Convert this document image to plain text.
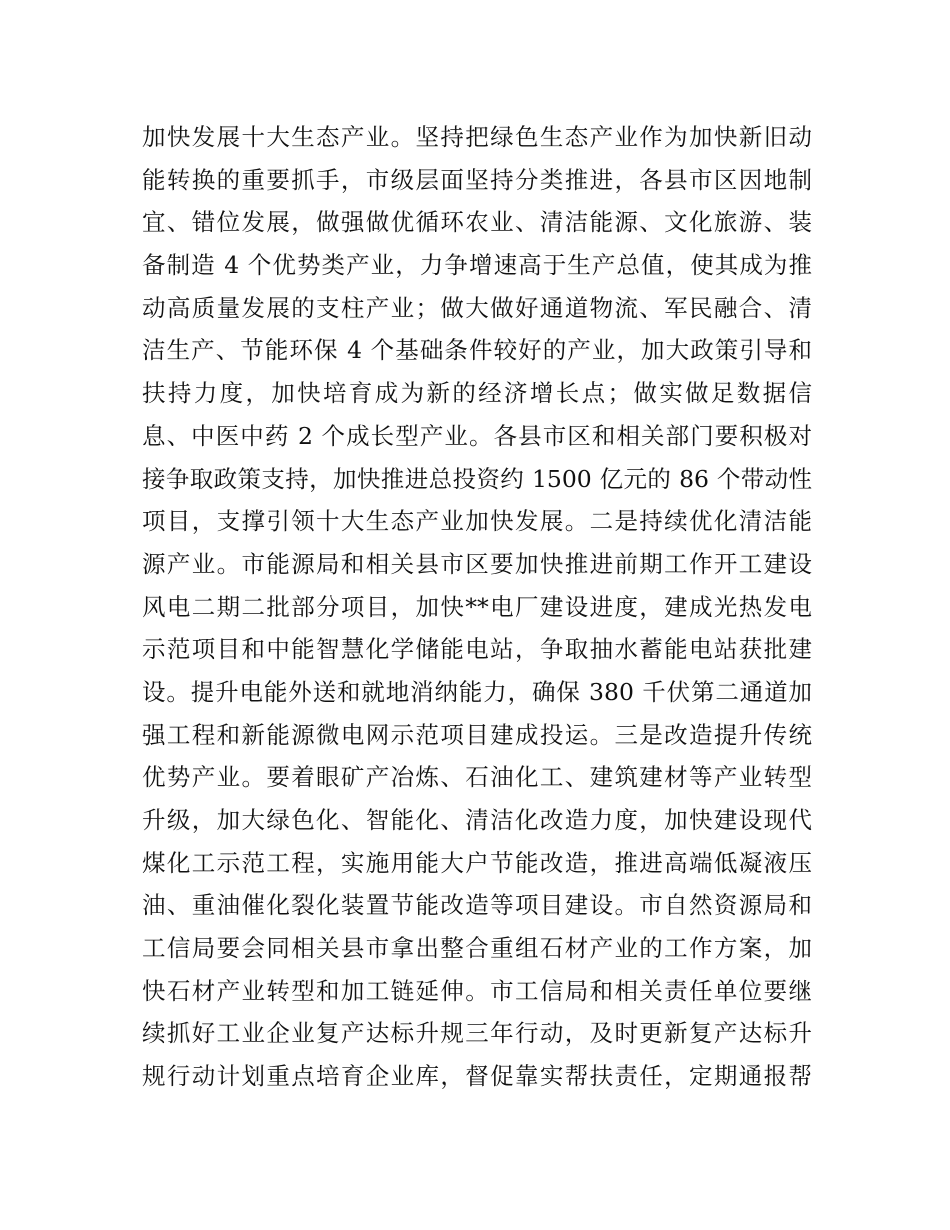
加快发展十大生态产业。坚持把绿色生态产业作为加快新旧动
能转换的重要抓手，市级层面坚持分类推进，各县市区因地制
宜、错位发展，做强做优循环农业、清洁能源、文化旅游、装
备制造 4 个优势类产业，力争增速高于生产总值，使其成为推
动高质量发展的支柱产业；做大做好通道物流、军民融合、清
洁生产、节能环保 4 个基础条件较好的产业，加大政策引导和
扶持力度，加快培育成为新的经济增长点；做实做足数据信
息、中医中药 2 个成长型产业。各县市区和相关部门要积极对
接争取政策支持，加快推进总投资约 1500 亿元的 86 个带动性
项目，支撑引领十大生态产业加快发展。二是持续优化清洁能
源产业。市能源局和相关县市区要加快推进前期工作开工建设
风电二期二批部分项目，加快**电厂建设进度，建成光热发电
示范项目和中能智慧化学储能电站，争取抽水蓄能电站获批建
设。提升电能外送和就地消纳能力，确保 380 千伏第二通道加
强工程和新能源微电网示范项目建成投运。三是改造提升传统
优势产业。要着眼矿产冶炼、石油化工、建筑建材等产业转型
升级，加大绿色化、智能化、清洁化改造力度，加快建设现代
煤化工示范工程，实施用能大户节能改造，推进高端低凝液压
油、重油催化裂化装置节能改造等项目建设。市自然资源局和
工信局要会同相关县市拿出整合重组石材产业的工作方案，加
快石材产业转型和加工链延伸。市工信局和相关责任单位要继
续抓好工业企业复产达标升规三年行动，及时更新复产达标升
规行动计划重点培育企业库，督促靠实帮扶责任，定期通报帮
